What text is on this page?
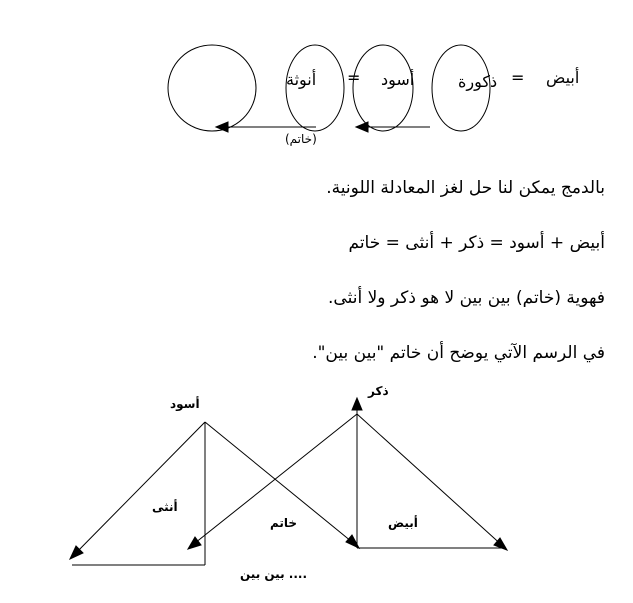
أبيض
=
ذكورة
أسود
=
أنوثة
(خاتم)
بالدمج يمكن لنا حل لغز المعادلة اللونية.
أبيض + أسود = ذكر + أنثى = خاتم
فهوية (خاتم) بين بين لا هو ذكر ولا أنثى.
في الرسم الآتي يوضح أن خاتم "بين بين".
أسود
ذكر
أنثى
خاتم	أبيض
.... بين بين
